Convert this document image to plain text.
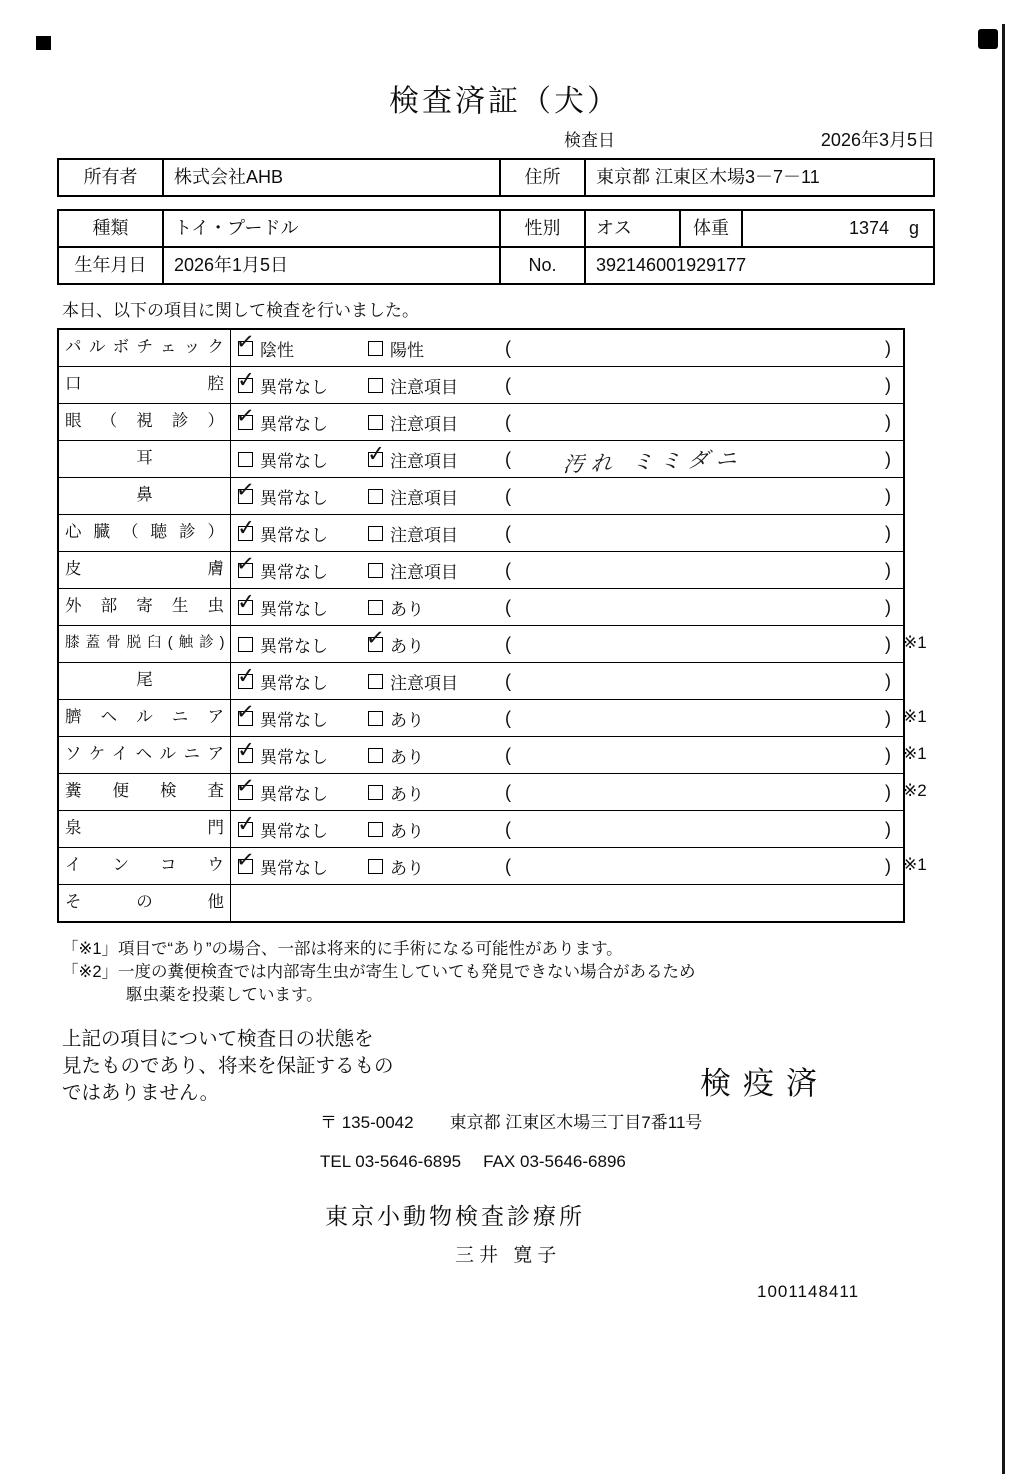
検査済証（犬）
検査日	2026年3月5日
所有者	株式会社AHB	住所	東京都 江東区木場3－7－11
種類	トイ・プードル	性別	オス	体重	1374 g
生年月日	2026年1月5日	No.	392146001929177
本日、以下の項目に関して検査を行いました。
パルボチェック ✓	陰性	陽性	(	)
口腔 ✓	異常なし	注意項目	(	)
眼（視診） ✓	異常なし	注意項目	(	)
耳	異常なし ✓	注意項目	(	汚れ ミミダニ	)
鼻 ✓	異常なし	注意項目	(	)
心臓（聴診） ✓	異常なし	注意項目	(	)
皮膚 ✓	異常なし	注意項目	(	)
外部寄生虫 ✓	異常なし	あり	(	)
膝蓋骨脱臼(触診)	異常なし ✓	あり	(	) ※1
尾 ✓	異常なし	注意項目	(	)
臍ヘルニア ✓	異常なし	あり	(	) ※1
ソケイヘルニア ✓	異常なし	あり	(	) ※1
糞便検査 ✓	異常なし	あり	(	) ※2
泉門 ✓	異常なし	あり	(	)
インコウ ✓	異常なし	あり	(	) ※1
その他
「※1」項目で“あり”の場合、一部は将来的に手術になる可能性があります。
「※2」一度の糞便検査では内部寄生虫が寄生していても発見できない場合があるため
駆虫薬を投薬しています。
上記の項目について検査日の状態を
見たものであり、将来を保証するもの
ではありません。	検疫済
〒 135-0042 東京都 江東区木場三丁目7番11号
TEL 03-5646-6895 FAX 03-5646-6896
東京小動物検査診療所
三井 寛子
1001148411
